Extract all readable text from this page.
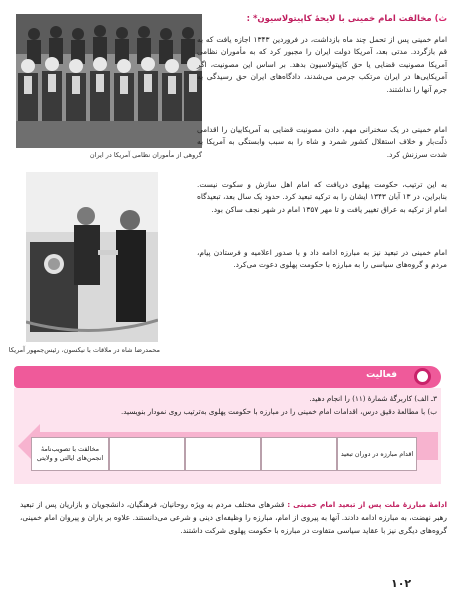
گروهی از مأموران نظامی آمریکا در ایران
محمدرضا شاه در ملاقات با نیکسون، رئیس‌جمهور آمریکا
ث) مخالفت امام خمینی با لایحهٔ کاپیتولاسیون* :

امام خمینی پس از تحمل چند ماه بازداشت، در فروردین ۱۳۴۳ اجازه یافت که به قم بازگردد. مدتی بعد، آمریکا دولت ایران را مجبور کرد که به مأموران نظامی آمریکا مصونیت قضایی یا حق کاپیتولاسیون بدهد. بر اساس این مصونیت، اگر آمریکایی‌ها در ایران مرتکب جرمی می‌شدند، دادگاه‌های ایران حق رسیدگی به جرم آنها را نداشتند.

امام خمینی در یک سخنرانی مهم، دادن مصونیت قضایی به آمریکاییان را اقدامی ذلّت‌بار و خلاف استقلال کشور شمرد و شاه را به سبب وابستگی به آمریکا به شدت سرزنش کرد.

به این ترتیب، حکومت پهلوی دریافت که امام اهل سازش و سکوت نیست. بنابراین، در ۱۳ آبان ۱۳۴۳ ایشان را به ترکیه تبعید کرد. حدود یک سال بعد، تبعیدگاه امام از ترکیه به عراق تغییر یافت و تا مهر ۱۳۵۷ امام در شهر نجف ساکن بود.

امام خمینی در تبعید نیز به مبارزه ادامه داد و با صدور اعلامیه و فرستادن پیام، مردم و گروه‌های سیاسی را به مبارزه با حکومت پهلوی دعوت می‌کرد.

فعالیت
۳ـ الف) کاربرگهٔ شمارهٔ (۱۱) را انجام دهید.
ب) با مطالعهٔ دقیق درس، اقدامات امام خمینی را در مبارزه با حکومت پهلوی به‌ترتیب روی نمودار بنویسید.
مخالفت با تصویب‌نامهٔ انجمن‌های ایالتی و ولایتی
اقدام مبارزه در دوران تبعید
ادامهٔ مبارزهٔ ملت پس از تبعید امام خمینی : قشرهای مختلف مردم به ویژه روحانیان، فرهنگیان، دانشجویان و بازاریان پس از تبعید رهبر نهضت، به مبارزه ادامه دادند. آنها به پیروی از امام، مبارزه را وظیفه‌ای دینی و شرعی می‌دانستند. علاوه بر یاران و پیروان امام خمینی، گروه‌های دیگری نیز با عقاید سیاسی متفاوت در مبارزه با حکومت پهلوی شرکت داشتند.
۱۰۲
